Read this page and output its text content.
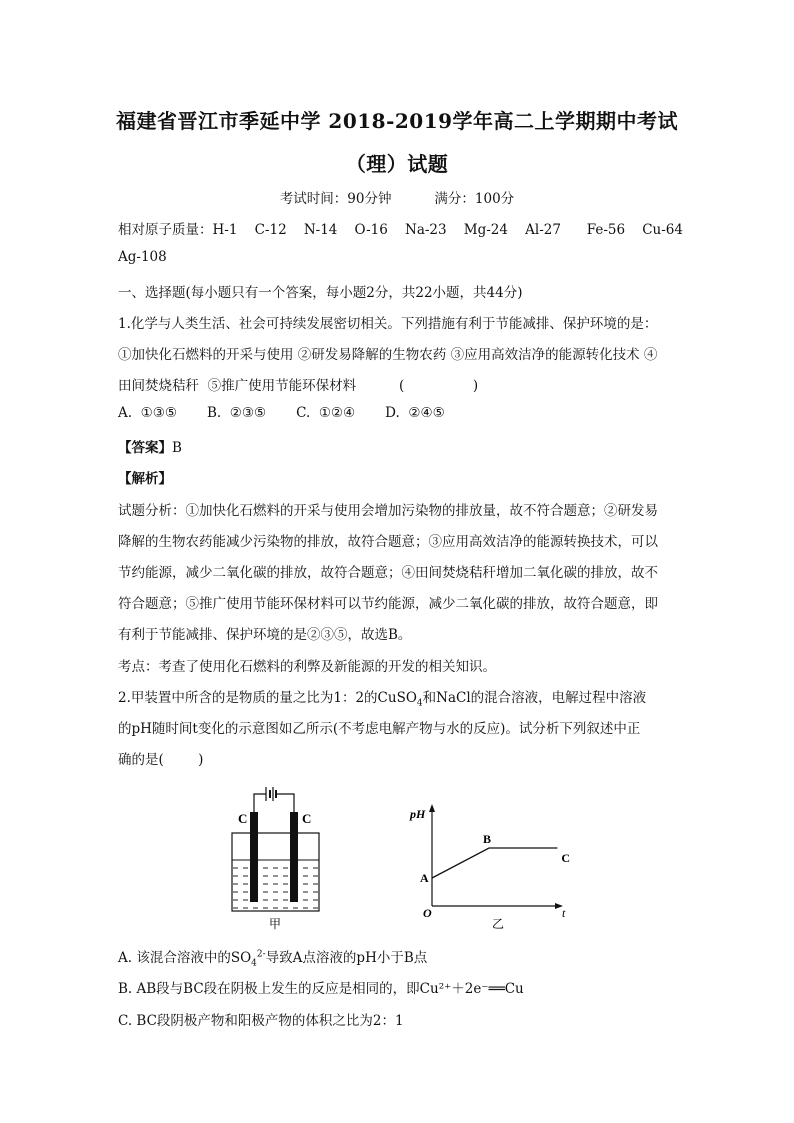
福建省晋江市季延中学 2018-2019学年高二上学期期中考试
（理）试题
考试时间：90分钟          满分：100分
相对原子质量：H-1    C-12    N-14    O-16    Na-23    Mg-24    Al-27      Fe-56    Cu-64
Ag-108
一、选择题(每小题只有一个答案，每小题2分，共22小题，共44分)
1.化学与人类生活、社会可持续发展密切相关。下列措施有利于节能减排、保护环境的是：
①加快化石燃料的开采与使用 ②研发易降解的生物农药 ③应用高效洁净的能源转化技术 ④
田间焚烧秸秆  ⑤推广使用节能环保材料          (                )
A.  ①③⑤       B.  ②③⑤       C.  ①②④       D.  ②④⑤
【答案】B
【解析】
试题分析：①加快化石燃料的开采与使用会增加污染物的排放量，故不符合题意；②研发易
降解的生物农药能减少污染物的排放，故符合题意；③应用高效洁净的能源转换技术，可以
节约能源，减少二氧化碳的排放，故符合题意；④田间焚烧秸秆增加二氧化碳的排放，故不
符合题意；⑤推广使用节能环保材料可以节约能源，减少二氧化碳的排放，故符合题意，即
有利于节能减排、保护环境的是②③⑤，故选B。
考点：考查了使用化石燃料的利弊及新能源的开发的相关知识。
2.甲装置中所含的是物质的量之比为1：2的CuSO$_4$和NaCl的混合溶液，电解过程中溶液
的pH随时间t变化的示意图如乙所示(不考虑电解产物与水的反应)。试分析下列叙述中正
确的是(        )
C	C
甲
pH
t
O
A
B
C
乙
A. 该混合溶液中的$SO_4^{2-}$导致A点溶液的pH小于B点
B. AB段与BC段在阴极上发生的反应是相同的，即Cu²⁺＋2e⁻══Cu
C. BC段阴极产物和阳极产物的体积之比为2：1
